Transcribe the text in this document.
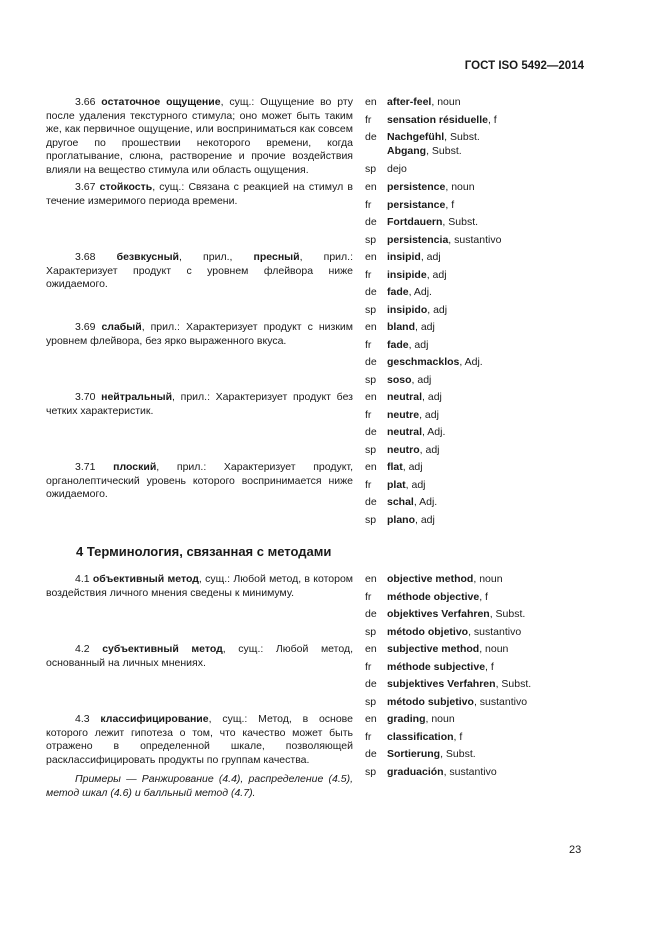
ГОСТ ISO 5492—2014

3.66 остаточное ощущение, сущ.: Ощущение во рту после удаления текстурного стимула; оно может быть таким же, как первичное ощущение, или восприниматься как совсем другое по прошествии некоторого времени, когда проглатывание, слюна, растворение и прочие воздействия влияли на вещество стимула или область ощущения.

3.67 стойкость, сущ.: Связана с реакцией на стимул в течение измеримого периода времени.

3.68 безвкусный, прил., пресный, прил.: Характеризует продукт с уровнем флейвора ниже ожидаемого.

3.69 слабый, прил.: Характеризует продукт с низким уровнем флейвора, без ярко выраженного вкуса.

3.70 нейтральный, прил.: Характеризует продукт без четких характеристик.

3.71 плоский, прил.: Характеризует продукт, органолептический уровень которого воспринимается ниже ожидаемого.

4 Терминология, связанная с методами

4.1 объективный метод, сущ.: Любой метод, в котором воздействия личного мнения сведены к минимуму.

4.2 субъективный метод, сущ.: Любой метод, основанный на личных мнениях.

4.3 классифицирование, сущ.: Метод, в основе которого лежит гипотеза о том, что качество может быть отражено в определенной шкале, позволяющей расклассифицировать продукты по группам качества.

Примеры — Ранжирование (4.4), распределение (4.5), метод шкал (4.6) и балльный метод (4.7).

en after-feel, noun
fr sensation résiduelle, f
de Nachgefühl, Subst.
Abgang, Subst.
sp dejo
en persistence, noun
fr persistance, f
de Fortdauern, Subst.
sp persistencia, sustantivo
en insipid, adj
fr insipide, adj
de fade, Adj.
sp insipido, adj
en bland, adj
fr fade, adj
de geschmacklos, Adj.
sp soso, adj
en neutral, adj
fr neutre, adj
de neutral, Adj.
sp neutro, adj
en flat, adj
fr plat, adj
de schal, Adj.
sp plano, adj
en objective method, noun
fr méthode objective, f
de objektives Verfahren, Subst.
sp método objetivo, sustantivo
en subjective method, noun
fr méthode subjective, f
de subjektives Verfahren, Subst.
sp método subjetivo, sustantivo
en grading, noun
fr classification, f
de Sortierung, Subst.
sp graduación, sustantivo
23
